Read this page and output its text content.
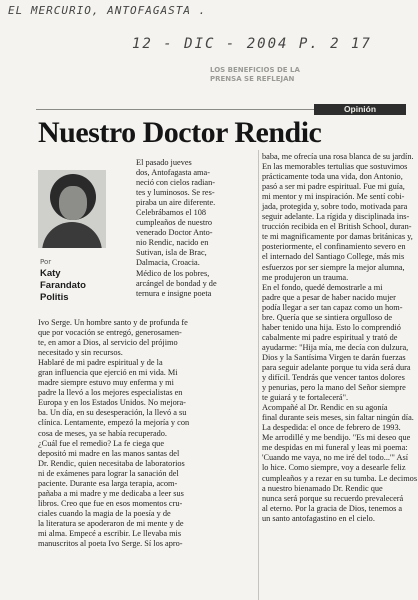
EL MERCURIO, ANTOFAGASTA .
12 - DIC - 2004 P. 2 17
LOS BENEFICIOS DE LA PRENSA SE REFLEJAN
Opinión
Nuestro Doctor Rendic
Por
Katy
Farandato
Politis
El pasado jueves
dos, Antofagasta ama-
neció con cielos radian-
tes y luminosos. Se res-
piraba un aire diferente.
Celebrábamos el 108
cumpleaños de nuestro
venerado Doctor Anto-
nio Rendic, nacido en
Sutivan, isla de Brac,
Dalmacia, Croacia.
Médico de los pobres,
arcángel de bondad y de
ternura e insigne poeta
Ivo Serge. Un hombre santo y de profunda fe
que por vocación se entregó, generosamen-
te, en amor a Dios, al servicio del prójimo
necesitado y sin recursos.
Hablaré de mi padre espiritual y de la
gran influencia que ejerció en mi vida. Mi
madre siempre estuvo muy enferma y mi
padre la llevó a los mejores especialistas en
Europa y en los Estados Unidos. No mejora-
ba. Un día, en su desesperación, la llevó a su
clínica. Lentamente, empezó la mejoría y con
cosa de meses, ya se había recuperado.
¿Cuál fue el remedio? La fe ciega que
depositó mi madre en las manos santas del
Dr. Rendic, quien necesitaba de laboratorios
ni de exámenes para lograr la sanación del
paciente. Durante esa larga terapia, acom-
pañaba a mi madre y me dedicaba a leer sus
libros. Creo que fue en esos momentos cru-
ciales cuando la magia de la poesía y de
la literatura se apoderaron de mi mente y de
mi alma. Empecé a escribir. Le llevaba mis
manuscritos al poeta Ivo Serge. Sí los apro-
baba, me ofrecía una rosa blanca de su jardín.
En las memorables tertulias que sostuvimos
prácticamente toda una vida, don Antonio,
pasó a ser mi padre espiritual. Fue mi guía,
mi mentor y mi inspiración. Me sentí cobi-
jada, protegida y, sobre todo, motivada para
seguir adelante. La rígida y disciplinada ins-
trucción recibida en el British School, duran-
te mi magnificamente por damas británicas y,
posteriormente, el confinamiento severo en
el internado del Santiago College, más mis
esfuerzos por ser siempre la mejor alumna,
me produjeron un trauma.
En el fondo, quedé demostrarle a mi
padre que a pesar de haber nacido mujer
podía llegar a ser tan capaz como un hom-
bre. Quería que se sintiera orgulloso de
haber tenido una hija. Esto lo comprendió
cabalmente mi padre espiritual y trató de
ayudarme: "Hija mía, me decía con dulzura,
Dios y la Santísima Virgen te darán fuerzas
para seguir adelante porque tu vida será dura
y difícil. Tendrás que vencer tantos dolores
y penurias, pero la mano del Señor siempre
te guiará y te fortalecerá".
Acompañé al Dr. Rendic en su agonía
final durante seis meses, sin faltar ningún día.
La despedida: el once de febrero de 1993.
Me arrodillé y me bendijo. "Es mi deseo que
me despidas en mi funeral y leas mi poema:
'Cuando me vaya, no me iré del todo...'" Así
lo hice. Como siempre, voy a desearle feliz
cumpleaños y a rezar en su tumba. Le decimos
a nuestro bienamado Dr. Rendic que
nunca será porque su recuerdo prevalecerá
al eterno. Por la gracia de Dios, tenemos a
un santo antofagastino en el cielo.
